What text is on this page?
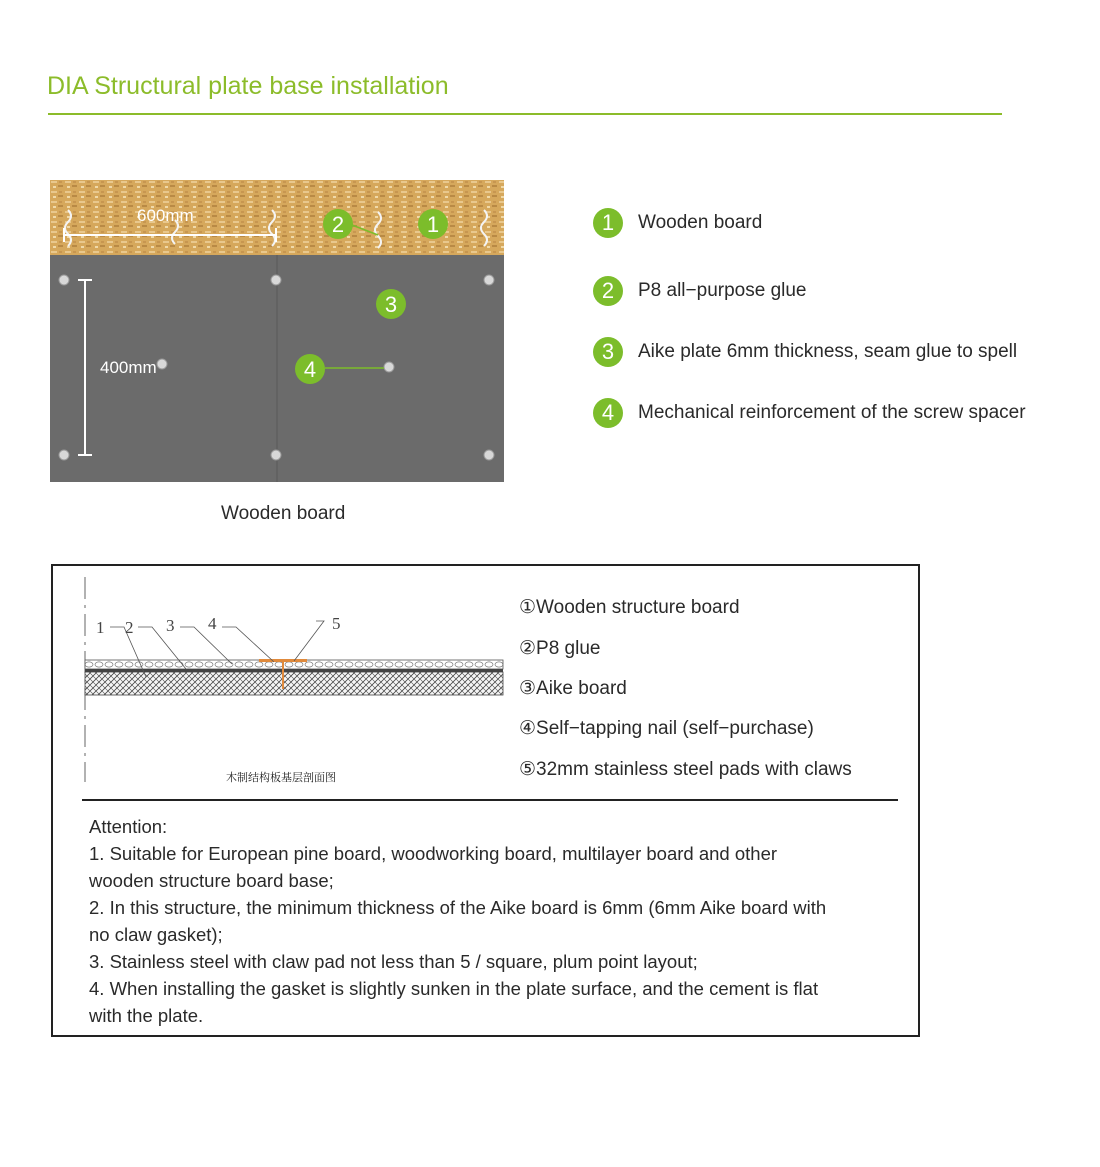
DIA Structural plate base installation
600mm
400mm
2	1
3
4
Wooden board
1	Wooden board
2	P8 all−purpose glue
3	Aike plate 6mm thickness, seam glue to spell
4	Mechanical reinforcement of the screw spacer
1 2 3 4	5
木制结构板基层剖面图
①Wooden structure board
②P8 glue
③Aike board
④Self−tapping nail (self−purchase)
⑤32mm stainless steel pads with claws
Attention:
1. Suitable for European pine board, woodworking board, multilayer board and other
wooden structure board base;
2. In this structure, the minimum thickness of the Aike board is 6mm (6mm Aike board with
no claw gasket);
3. Stainless steel with claw pad not less than 5 / square, plum point layout;
4. When installing the gasket is slightly sunken in the plate surface, and the cement is flat
with the plate.
